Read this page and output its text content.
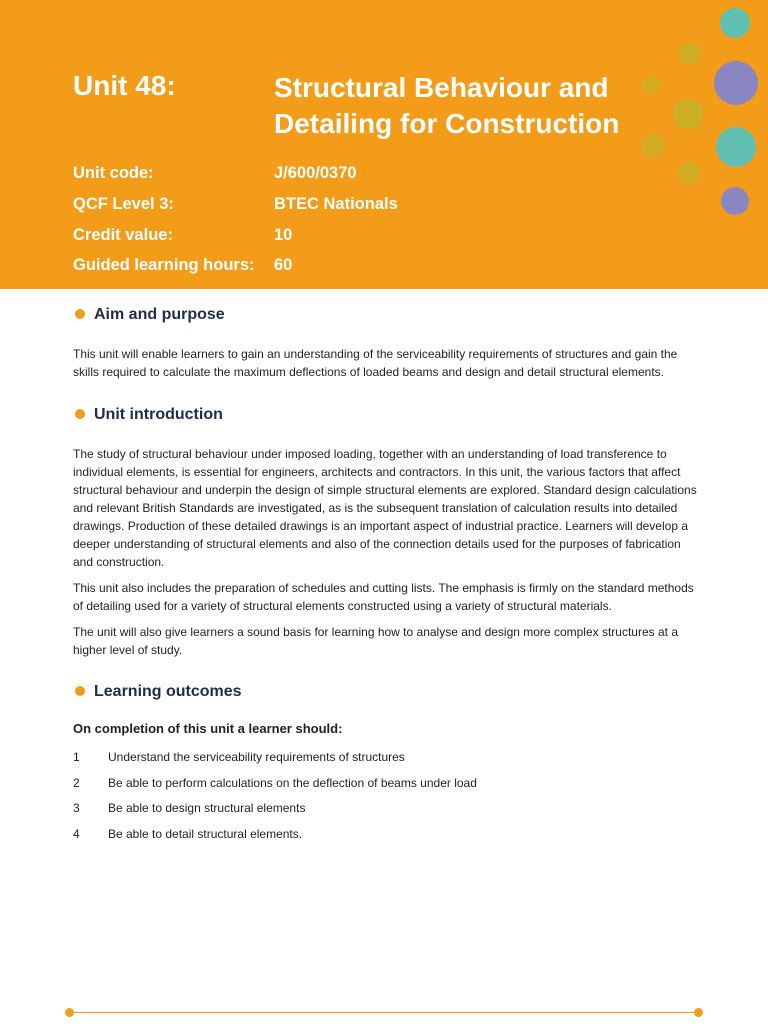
Unit 48:	Structural Behaviour and
Detailing for Construction
Unit code:	J/600/0370
QCF Level 3:	BTEC Nationals
Credit value:	10
Guided learning hours: 60
Aim and purpose

This unit will enable learners to gain an understanding of the serviceability requirements of structures and gain the skills required to calculate the maximum deflections of loaded beams and design and detail structural elements.

Unit introduction

The study of structural behaviour under imposed loading, together with an understanding of load transference to individual elements, is essential for engineers, architects and contractors. In this unit, the various factors that affect structural behaviour and underpin the design of simple structural elements are explored. Standard design calculations and relevant British Standards are investigated, as is the subsequent translation of calculation results into detailed drawings. Production of these detailed drawings is an important aspect of industrial practice. Learners will develop a deeper understanding of structural elements and also of the connection details used for the purposes of fabrication and construction.

This unit also includes the preparation of schedules and cutting lists. The emphasis is firmly on the standard methods of detailing used for a variety of structural elements constructed using a variety of structural materials.

The unit will also give learners a sound basis for learning how to analyse and design more complex structures at a higher level of study.

Learning outcomes
On completion of this unit a learner should:
1 Understand the serviceability requirements of structures
2 Be able to perform calculations on the deflection of beams under load
3 Be able to design structural elements
4 Be able to detail structural elements.
